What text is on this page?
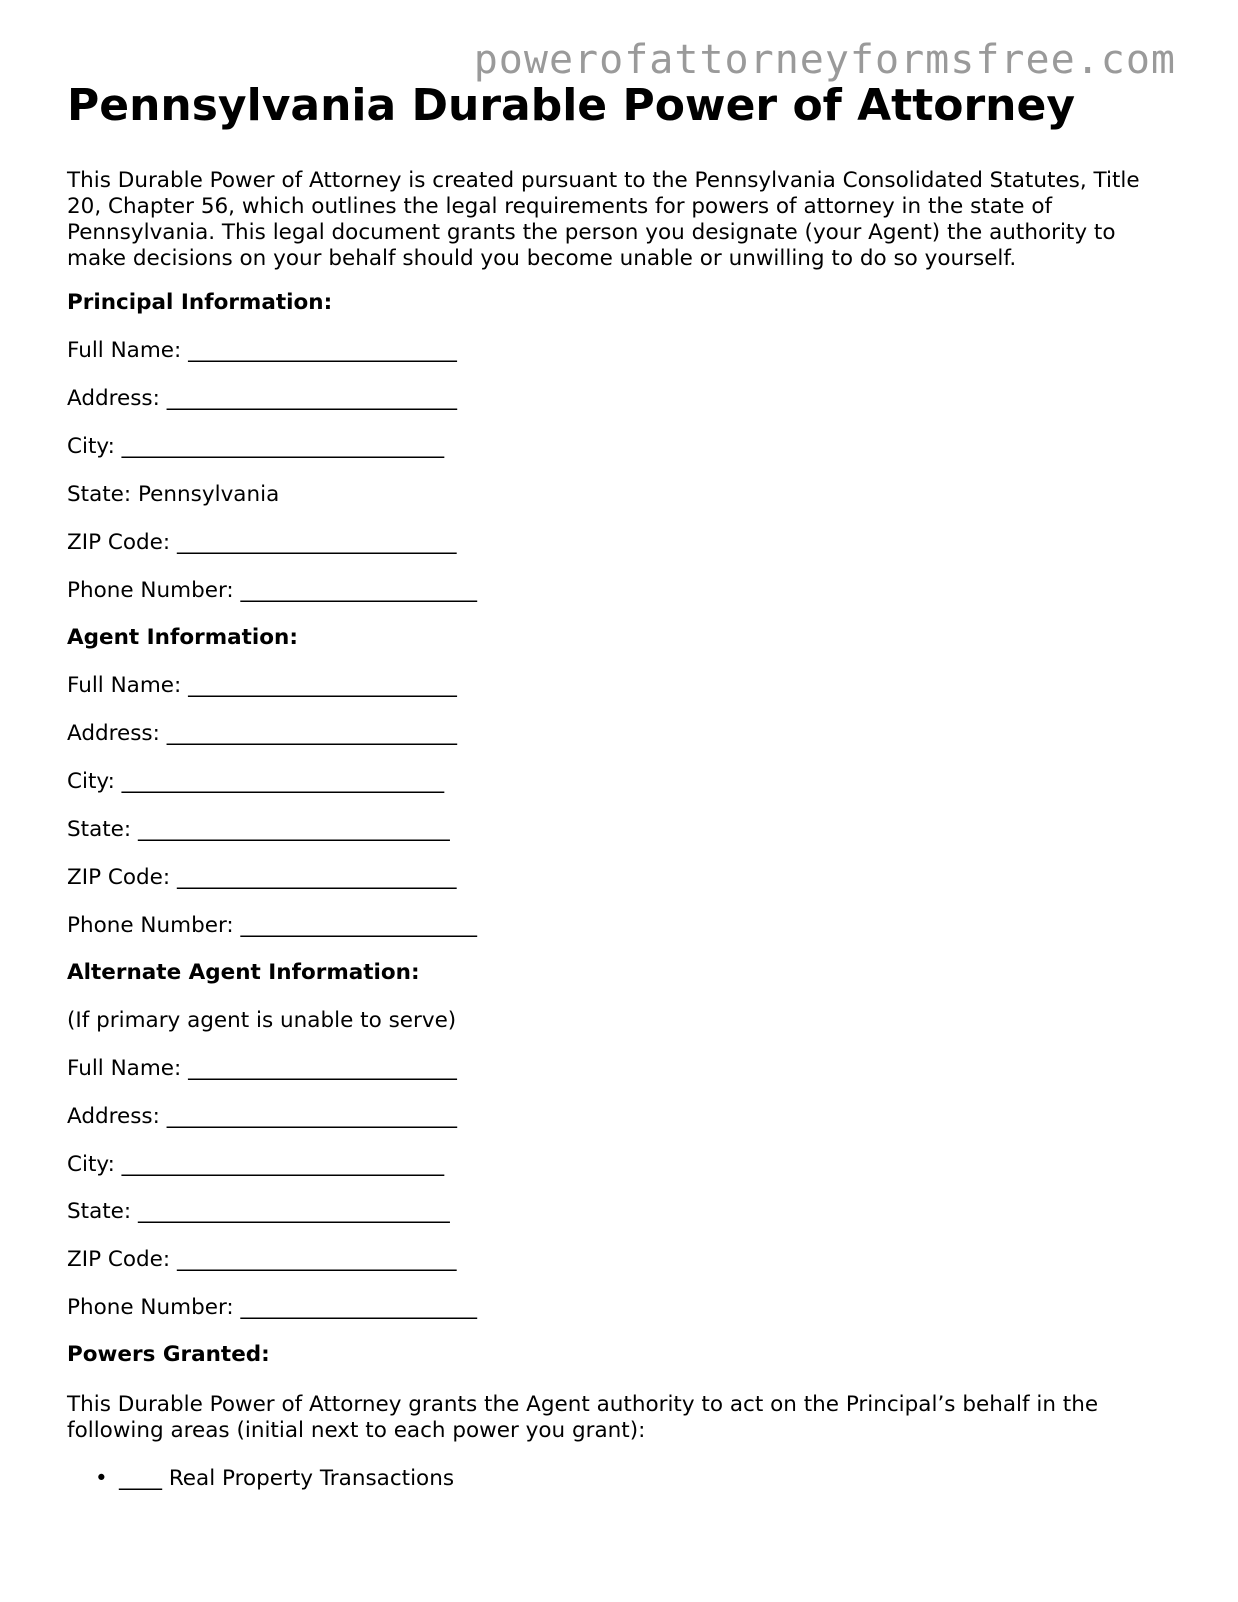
powerofattorneyformsfree.com
Pennsylvania Durable Power of Attorney

This Durable Power of Attorney is created pursuant to the Pennsylvania Consolidated Statutes, Title 20, Chapter 56, which outlines the legal requirements for powers of attorney in the state of Pennsylvania. This legal document grants the person you designate (your Agent) the authority to make decisions on your behalf should you become unable or unwilling to do so yourself.

Principal Information:
Full Name: _________________________
Address: ___________________________
City: ______________________________
State: Pennsylvania
ZIP Code: __________________________
Phone Number: ______________________
Agent Information:
Full Name: _________________________
Address: ___________________________
City: ______________________________
State: _____________________________
ZIP Code: __________________________
Phone Number: ______________________
Alternate Agent Information:
(If primary agent is unable to serve)
Full Name: _________________________
Address: ___________________________
City: ______________________________
State: _____________________________
ZIP Code: __________________________
Phone Number: ______________________
Powers Granted:

This Durable Power of Attorney grants the Agent authority to act on the Principal’s behalf in the following areas (initial next to each power you grant):

• ____ Real Property Transactions
